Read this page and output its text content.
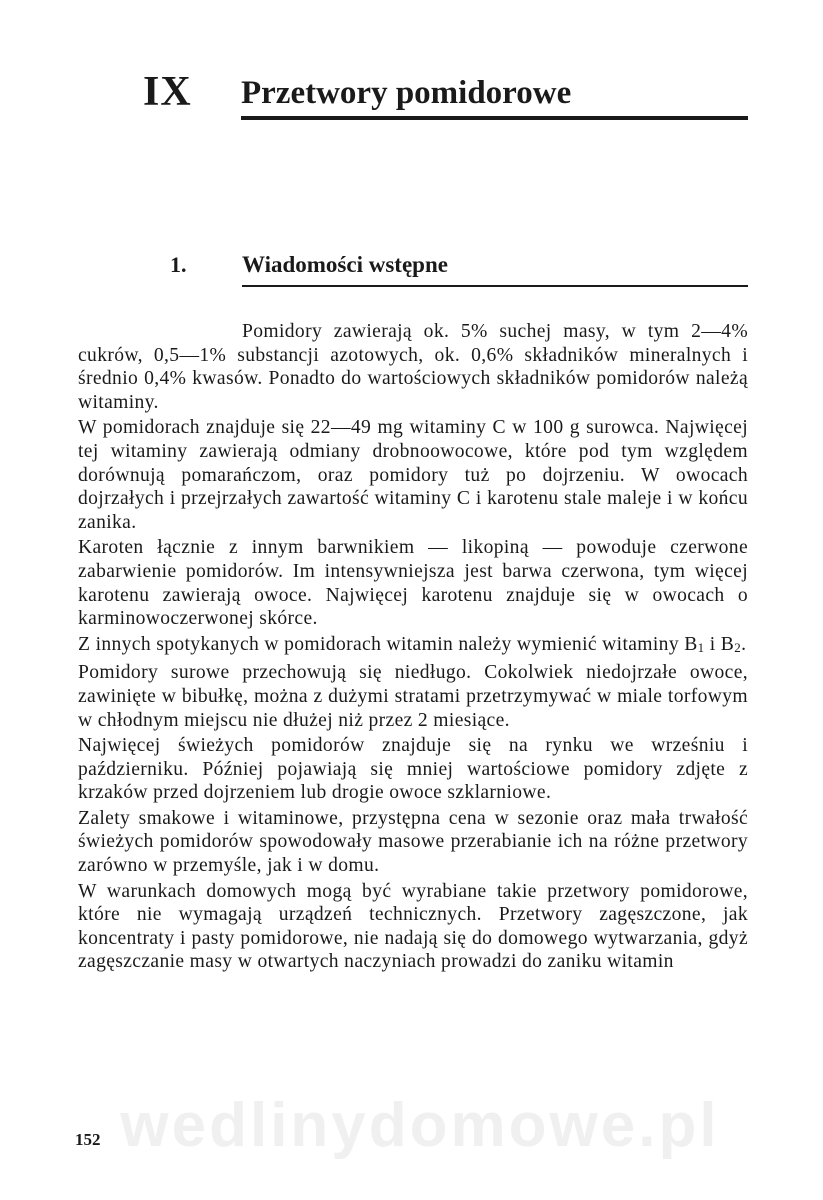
IX Przetwory pomidorowe
1. Wiadomości wstępne

Pomidory zawierają ok. 5% suchej masy, w tym 2—4% cukrów, 0,5—1% substancji azotowych, ok. 0,6% składników mineralnych i średnio 0,4% kwasów. Ponadto do wartościowych składników pomidorów należą witaminy.

W pomidorach znajduje się 22—49 mg witaminy C w 100 g surowca. Najwięcej tej witaminy zawierają odmiany drobnoowocowe, które pod tym względem dorównują pomarańczom, oraz pomidory tuż po dojrzeniu. W owocach dojrzałych i przejrzałych zawartość witaminy C i karotenu stale maleje i w końcu zanika.

Karoten łącznie z innym barwnikiem — likopiną — powoduje czerwone zabarwienie pomidorów. Im intensywniejsza jest barwa czerwona, tym więcej karotenu zawierają owoce. Najwięcej karotenu znajduje się w owocach o karminowoczerwonej skórce.

Z innych spotykanych w pomidorach witamin należy wymienić witaminy B1 i B2.

Pomidory surowe przechowują się niedługo. Cokolwiek niedojrzałe owoce, zawinięte w bibułkę, można z dużymi stratami przetrzymywać w miale torfowym w chłodnym miejscu nie dłużej niż przez 2 miesiące.

Najwięcej świeżych pomidorów znajduje się na rynku we wrześniu i październiku. Później pojawiają się mniej wartościowe pomidory zdjęte z krzaków przed dojrzeniem lub drogie owoce szklarniowe.

Zalety smakowe i witaminowe, przystępna cena w sezonie oraz mała trwałość świeżych pomidorów spowodowały masowe przerabianie ich na różne przetwory zarówno w przemyśle, jak i w domu.

W warunkach domowych mogą być wyrabiane takie przetwory pomidorowe, które nie wymagają urządzeń technicznych. Przetwory zagęszczone, jak koncentraty i pasty pomidorowe, nie nadają się do domowego wytwarzania, gdyż zagęszczanie masy w otwartych naczyniach prowadzi do zaniku witamin

wedlinydomowe.pl
152
